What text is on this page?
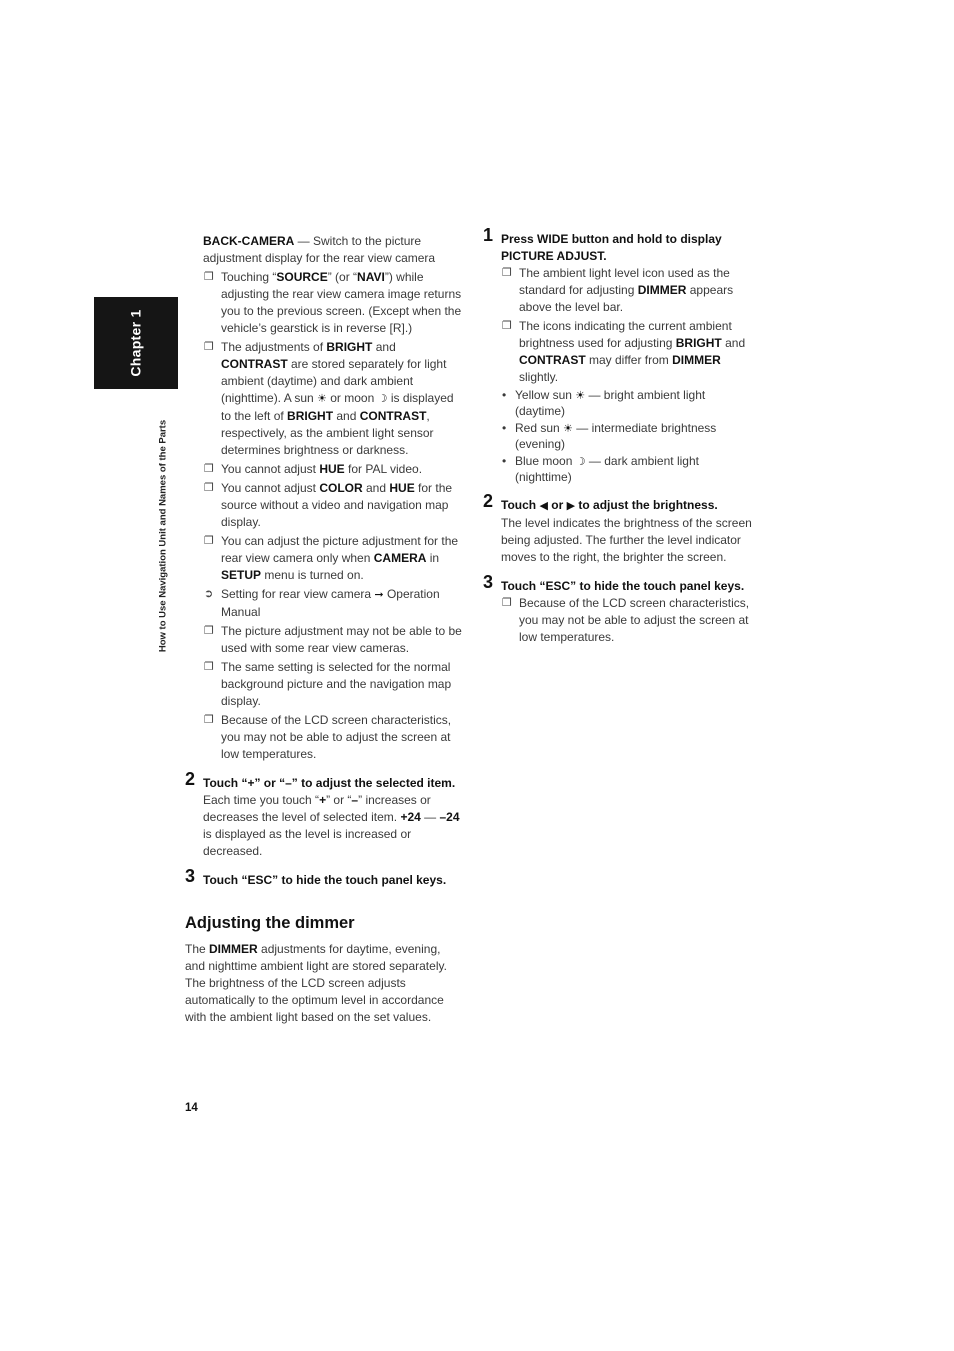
Chapter 1
How to Use Navigation Unit and Names of the Parts

BACK-CAMERA — Switch to the picture adjustment display for the rear view camera

❐ Touching “SOURCE” (or “NAVI”) while adjusting the rear view camera image returns you to the previous screen. (Except when the vehicle’s gearstick is in reverse [R].)

❐ The adjustments of BRIGHT and CONTRAST are stored separately for light ambient (daytime) and dark ambient (nighttime). A sun ☀ or moon ☽ is displayed to the left of BRIGHT and CONTRAST, respectively, as the ambient light sensor determines brightness or darkness.

❐ You cannot adjust HUE for PAL video.

❐ You cannot adjust COLOR and HUE for the source without a video and navigation map display.

❐ You can adjust the picture adjustment for the rear view camera only when CAMERA in SETUP menu is turned on.

➲ Setting for rear view camera ➞ Operation Manual

❐ The picture adjustment may not be able to be used with some rear view cameras.

❐ The same setting is selected for the normal background picture and the navigation map display.

❐ Because of the LCD screen characteristics, you may not be able to adjust the screen at low temperatures.

2 Touch “+” or “–” to adjust the selected item.

Each time you touch “+” or “–” increases or decreases the level of selected item. +24 — –24 is displayed as the level is increased or decreased.

3 Touch “ESC” to hide the touch panel keys.

Adjusting the dimmer

The DIMMER adjustments for daytime, evening, and nighttime ambient light are stored separately. The brightness of the LCD screen adjusts automatically to the optimum level in accordance with the ambient light based on the set values.

1 Press WIDE button and hold to display PICTURE ADJUST.

❐ The ambient light level icon used as the standard for adjusting DIMMER appears above the level bar.

❐ The icons indicating the current ambient brightness used for adjusting BRIGHT and CONTRAST may differ from DIMMER slightly.

• Yellow sun ☀ — bright ambient light (daytime)

• Red sun ☀ — intermediate brightness (evening)

• Blue moon ☽ — dark ambient light (nighttime)

2 Touch ◀ or ▶ to adjust the brightness.

The level indicates the brightness of the screen being adjusted. The further the level indicator moves to the right, the brighter the screen.

3 Touch “ESC” to hide the touch panel keys.

❐ Because of the LCD screen characteristics, you may not be able to adjust the screen at low temperatures.

14
